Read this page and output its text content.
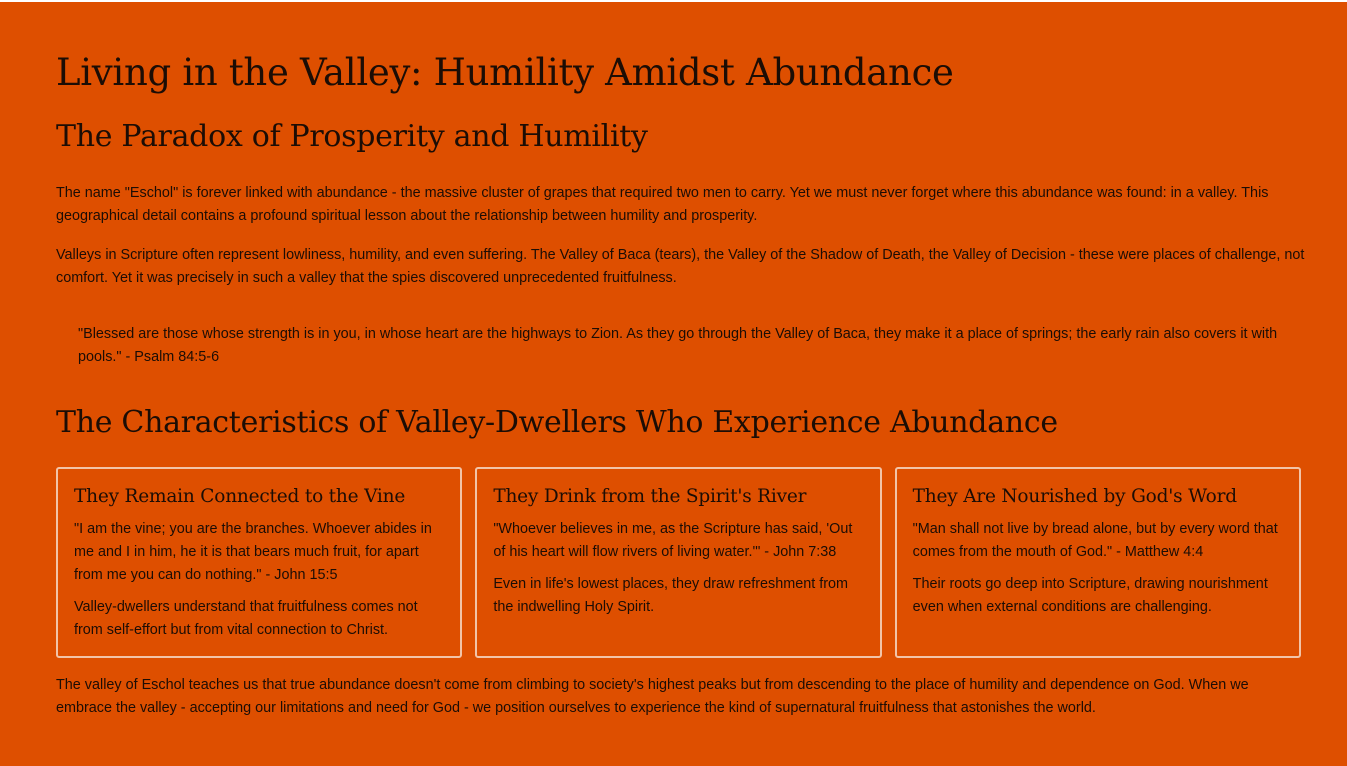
Living in the Valley: Humility Amidst Abundance
The Paradox of Prosperity and Humility

The name "Eschol" is forever linked with abundance - the massive cluster of grapes that required two men to carry. Yet we must never forget where this abundance was found: in a valley. This geographical detail contains a profound spiritual lesson about the relationship between humility and prosperity.

Valleys in Scripture often represent lowliness, humility, and even suffering. The Valley of Baca (tears), the Valley of the Shadow of Death, the Valley of Decision - these were places of challenge, not comfort. Yet it was precisely in such a valley that the spies discovered unprecedented fruitfulness.

"Blessed are those whose strength is in you, in whose heart are the highways to Zion. As they go through the Valley of Baca, they make it a place of springs; the early rain also covers it with pools." - Psalm 84:5-6

The Characteristics of Valley-Dwellers Who Experience Abundance
They Remain Connected to the Vine

"I am the vine; you are the branches. Whoever abides in me and I in him, he it is that bears much fruit, for apart from me you can do nothing." - John 15:5

Valley-dwellers understand that fruitfulness comes not from self-effort but from vital connection to Christ.

They Drink from the Spirit's River

"Whoever believes in me, as the Scripture has said, 'Out of his heart will flow rivers of living water.'" - John 7:38

Even in life's lowest places, they draw refreshment from the indwelling Holy Spirit.

They Are Nourished by God's Word

"Man shall not live by bread alone, but by every word that comes from the mouth of God." - Matthew 4:4

Their roots go deep into Scripture, drawing nourishment even when external conditions are challenging.

The valley of Eschol teaches us that true abundance doesn't come from climbing to society's highest peaks but from descending to the place of humility and dependence on God. When we embrace the valley - accepting our limitations and need for God - we position ourselves to experience the kind of supernatural fruitfulness that astonishes the world.
